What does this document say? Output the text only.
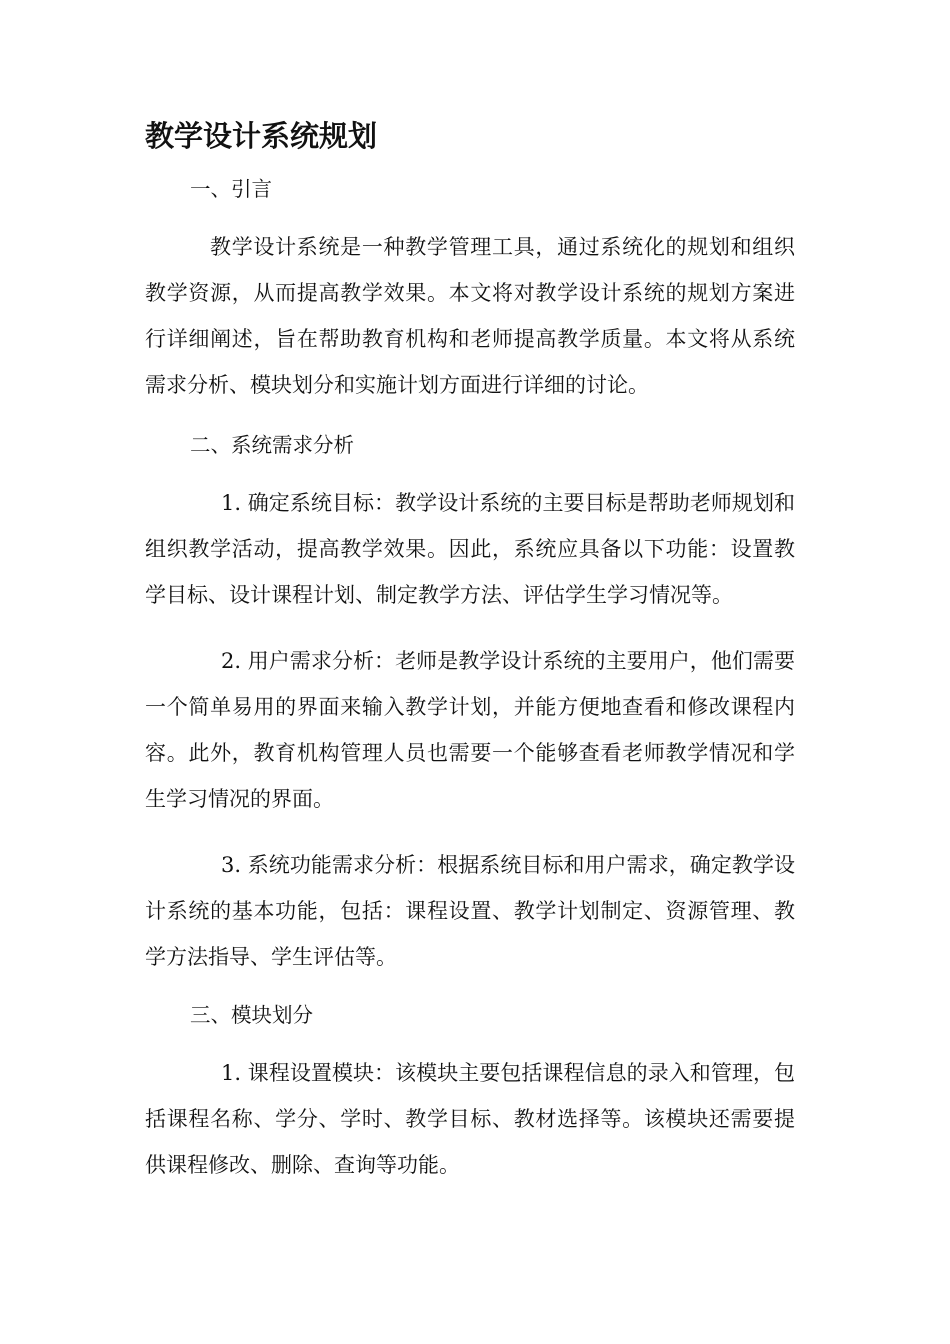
教学设计系统规划
一、引言

教学设计系统是一种教学管理工具，通过系统化的规划和组织教学资源，从而提高教学效果。本文将对教学设计系统的规划方案进行详细阐述，旨在帮助教育机构和老师提高教学质量。本文将从系统需求分析、模块划分和实施计划方面进行详细的讨论。

二、系统需求分析

1. 确定系统目标：教学设计系统的主要目标是帮助老师规划和组织教学活动，提高教学效果。因此，系统应具备以下功能：设置教学目标、设计课程计划、制定教学方法、评估学生学习情况等。

2. 用户需求分析：老师是教学设计系统的主要用户，他们需要一个简单易用的界面来输入教学计划，并能方便地查看和修改课程内容。此外，教育机构管理人员也需要一个能够查看老师教学情况和学生学习情况的界面。

3. 系统功能需求分析：根据系统目标和用户需求，确定教学设计系统的基本功能，包括：课程设置、教学计划制定、资源管理、教学方法指导、学生评估等。

三、模块划分

1. 课程设置模块：该模块主要包括课程信息的录入和管理，包括课程名称、学分、学时、教学目标、教材选择等。该模块还需要提供课程修改、删除、查询等功能。
